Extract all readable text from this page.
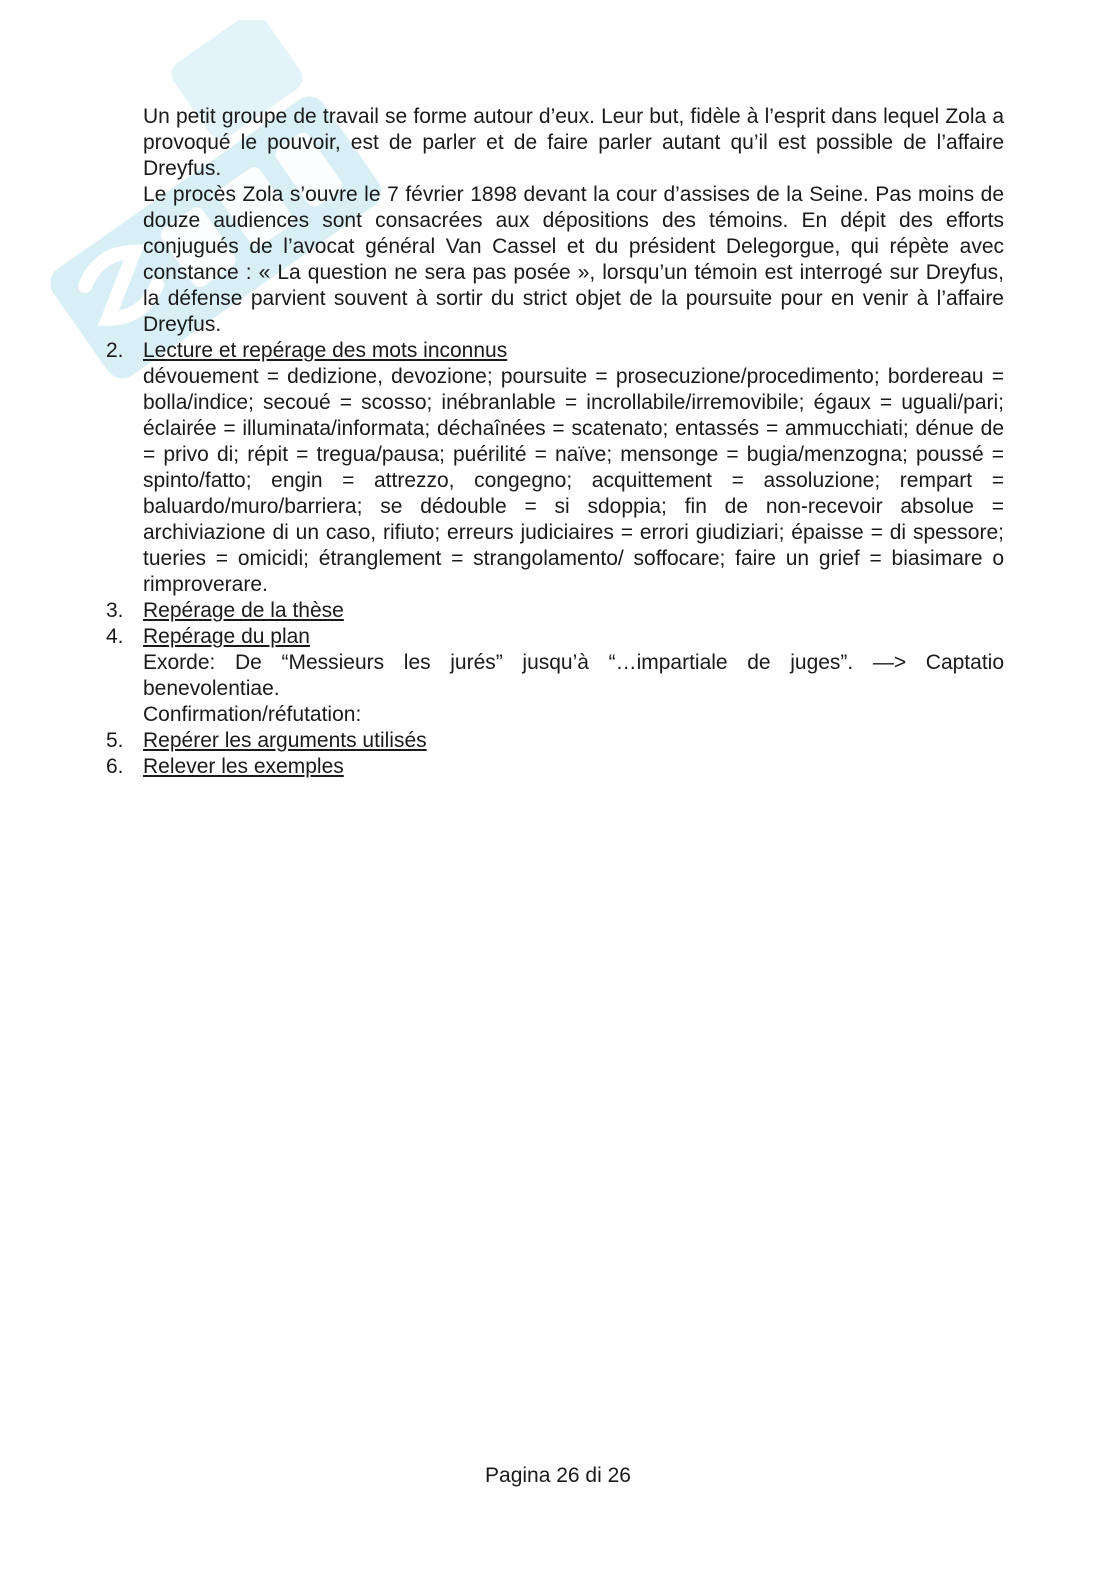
Un petit groupe de travail se forme autour d’eux. Leur but, fidèle à l’esprit dans lequel Zola a provoqué le pouvoir, est de parler et de faire parler autant qu’il est possible de l’affaire Dreyfus.

Le procès Zola s’ouvre le 7 février 1898 devant la cour d’assises de la Seine. Pas moins de douze audiences sont consacrées aux dépositions des témoins. En dépit des efforts conjugués de l’avocat général Van Cassel et du président Delegorgue, qui répète avec constance : « La question ne sera pas posée », lorsqu’un témoin est interrogé sur Dreyfus, la défense parvient souvent à sortir du strict objet de la poursuite pour en venir à l’affaire Dreyfus.

2. Lecture et repérage des mots inconnus
dévouement = dedizione, devozione; poursuite = prosecuzione/procedimento; bordereau = bolla/indice; secoué = scosso; inébranlable = incrollabile/irremovibile; égaux = uguali/pari; éclairée = illuminata/informata; déchaînées = scatenato; entassés = ammucchiati; dénue de = privo di; répit = tregua/pausa; puérilité = naïve; mensonge = bugia/menzogna; poussé = spinto/fatto; engin = attrezzo, congegno; acquittement = assoluzione; rempart = baluardo/muro/barriera; se dédouble = si sdoppia; fin de non-recevoir absolue = archiviazione di un caso, rifiuto; erreurs judiciaires = errori giudiziari; épaisse = di spessore; tueries = omicidi; étranglement = strangolamento/ soffocare; faire un grief = biasimare o rimproverare.
3. Repérage de la thèse
4. Repérage du plan
Exorde: De “Messieurs les jurés” jusqu’à “…impartiale de juges”. —> Captatio benevolentiae.
Confirmation/réfutation:
5. Repérer les arguments utilisés
6. Relever les exemples
Pagina 26 di 26
